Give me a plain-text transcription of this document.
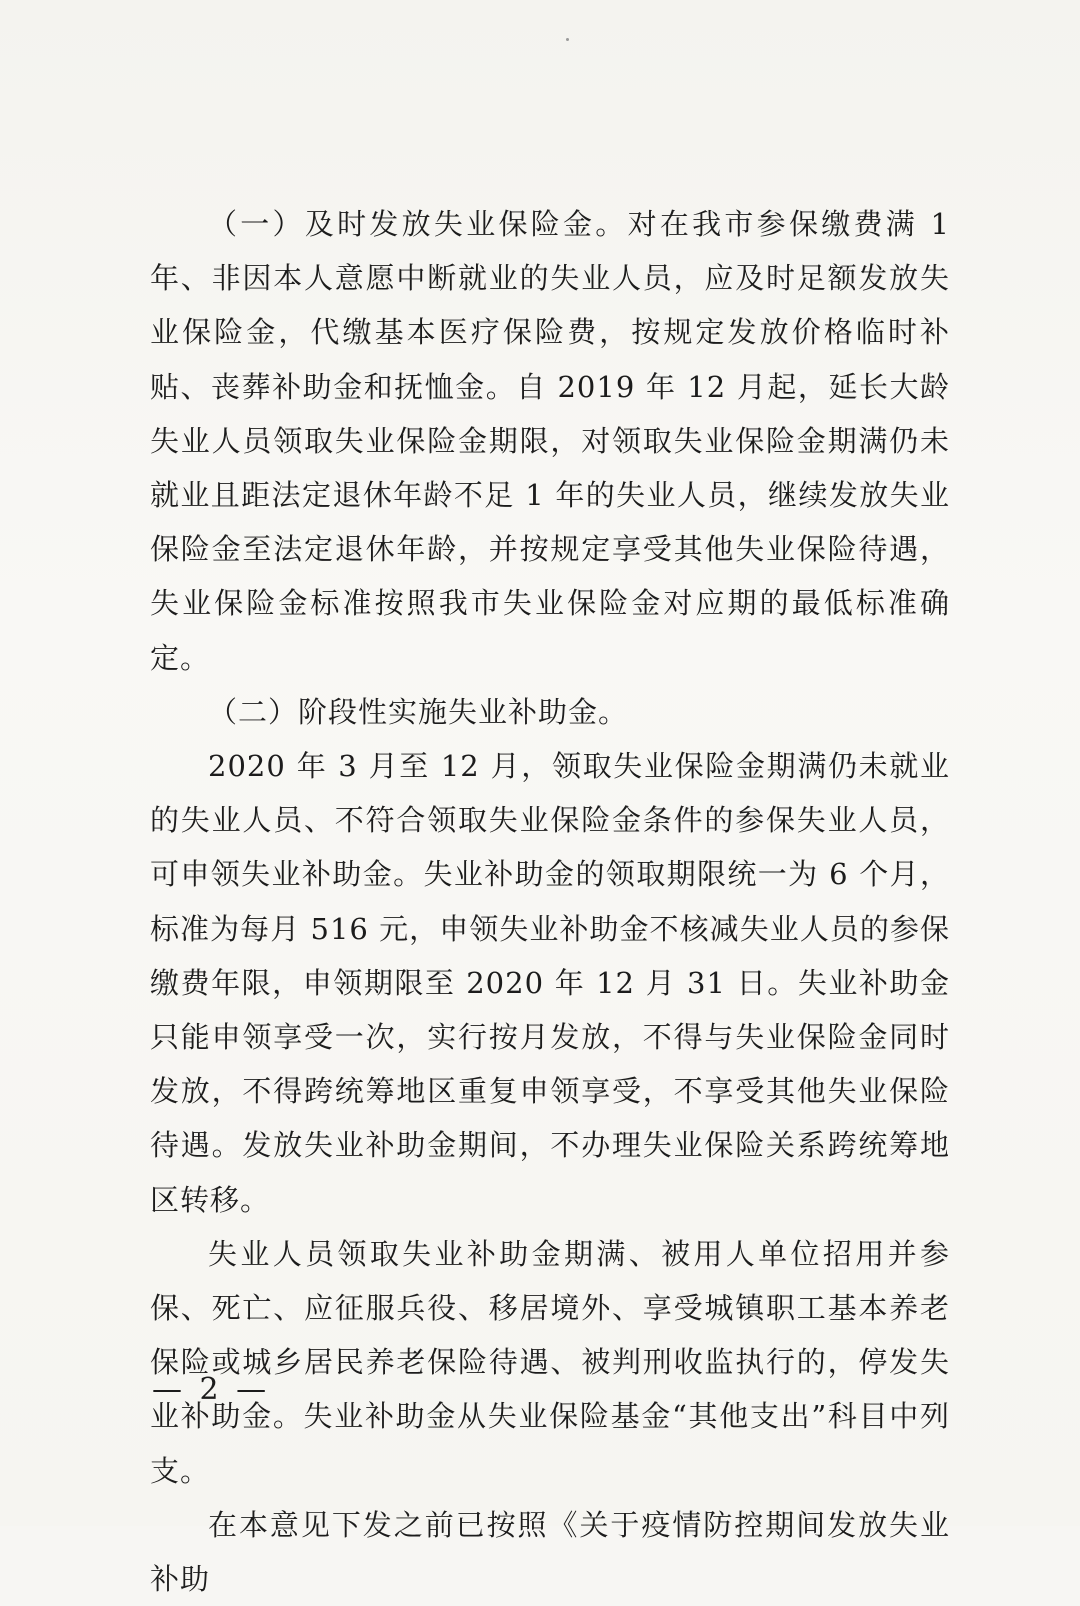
（一）及时发放失业保险金。对在我市参保缴费满 1 年、非因本人意愿中断就业的失业人员，应及时足额发放失业保险金，代缴基本医疗保险费，按规定发放价格临时补贴、丧葬补助金和抚恤金。自 2019 年 12 月起，延长大龄失业人员领取失业保险金期限，对领取失业保险金期满仍未就业且距法定退休年龄不足 1 年的失业人员，继续发放失业保险金至法定退休年龄，并按规定享受其他失业保险待遇，失业保险金标准按照我市失业保险金对应期的最低标准确定。

（二）阶段性实施失业补助金。

2020 年 3 月至 12 月，领取失业保险金期满仍未就业的失业人员、不符合领取失业保险金条件的参保失业人员，可申领失业补助金。失业补助金的领取期限统一为 6 个月，标准为每月 516 元，申领失业补助金不核减失业人员的参保缴费年限，申领期限至 2020 年 12 月 31 日。失业补助金只能申领享受一次，实行按月发放，不得与失业保险金同时发放，不得跨统筹地区重复申领享受，不享受其他失业保险待遇。发放失业补助金期间，不办理失业保险关系跨统筹地区转移。

失业人员领取失业补助金期满、被用人单位招用并参保、死亡、应征服兵役、移居境外、享受城镇职工基本养老保险或城乡居民养老保险待遇、被判刑收监执行的，停发失业补助金。失业补助金从失业保险基金“其他支出”科目中列支。

在本意见下发之前已按照《关于疫情防控期间发放失业补助

— 2 —
